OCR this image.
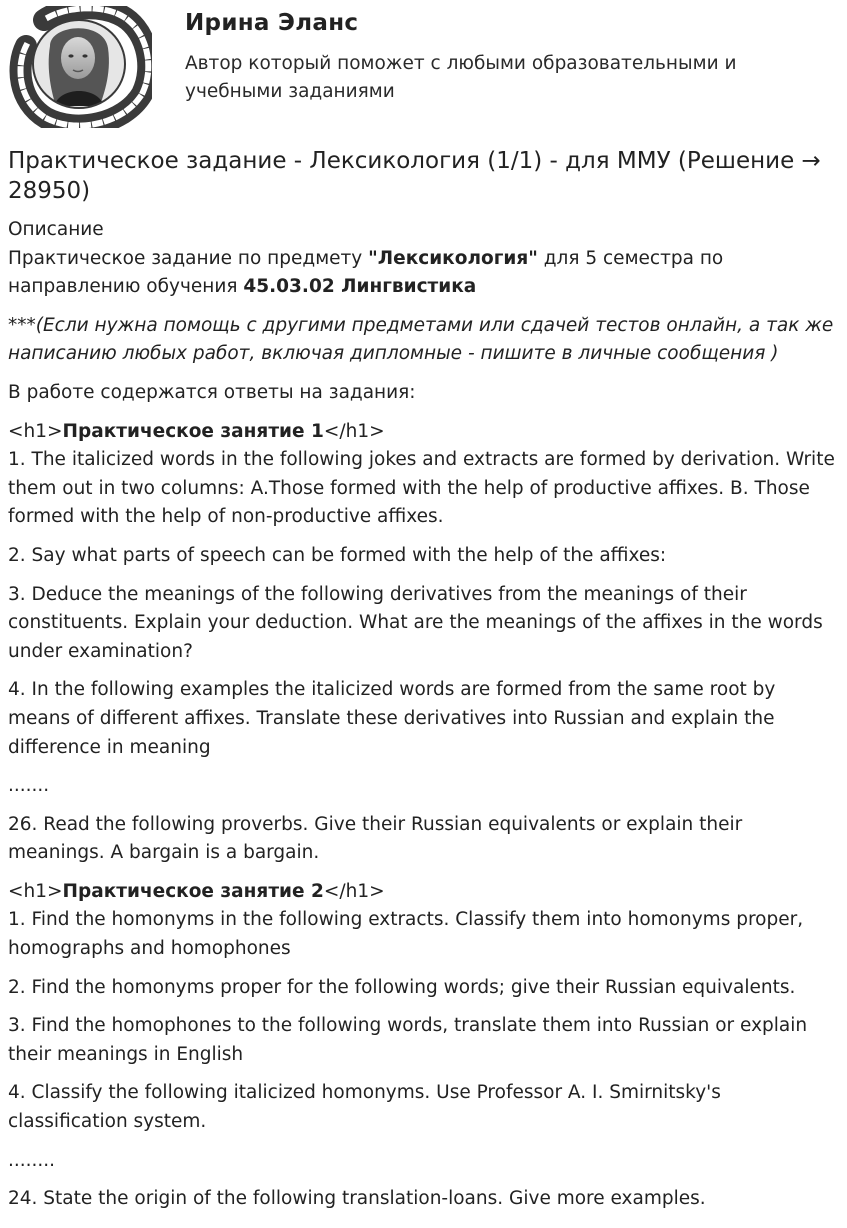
Ирина Эланс
Автор который поможет с любыми образовательными и учебными заданиями
Практическое задание - Лексикология (1/1) - для ММУ (Решение → 28950)

Описание

Практическое задание по предмету "Лексикология" для 5 семестра по направлению обучения 45.03.02 Лингвистика

***(Если нужна помощь с другими предметами или сдачей тестов онлайн, а так же написанию любых работ, включая дипломные - пишите в личные сообщения )

В работе содержатся ответы на задания:

<h1>Практическое занятие 1</h1>

1. The italicized words in the following jokes and extracts are formed by derivation. Write them out in two columns: A.Those formed with the help of productive affixes. B. Those formed with the help of non-productive affixes.

2. Say what parts of speech can be formed with the help of the affixes:

3. Deduce the meanings of the following derivatives from the meanings of their constituents. Explain your deduction. What are the meanings of the affixes in the words under examination?

4. In the following examples the italicized words are formed from the same root by means of different affixes. Translate these derivatives into Russian and explain the difference in meaning

.......

26. Read the following proverbs. Give their Russian equivalents or explain their meanings. A bargain is a bargain.

<h1>Практическое занятие 2</h1>

1. Find the homonyms in the following extracts. Classify them into homonyms proper, homographs and homophones

2. Find the homonyms proper for the following words; give their Russian equivalents.

3. Find the homophones to the following words, translate them into Russian or explain their meanings in English

4. Classify the following italicized homonyms. Use Professor A. I. Smirnitsky's classification system.

........

24. State the origin of the following translation-loans. Give more examples.
